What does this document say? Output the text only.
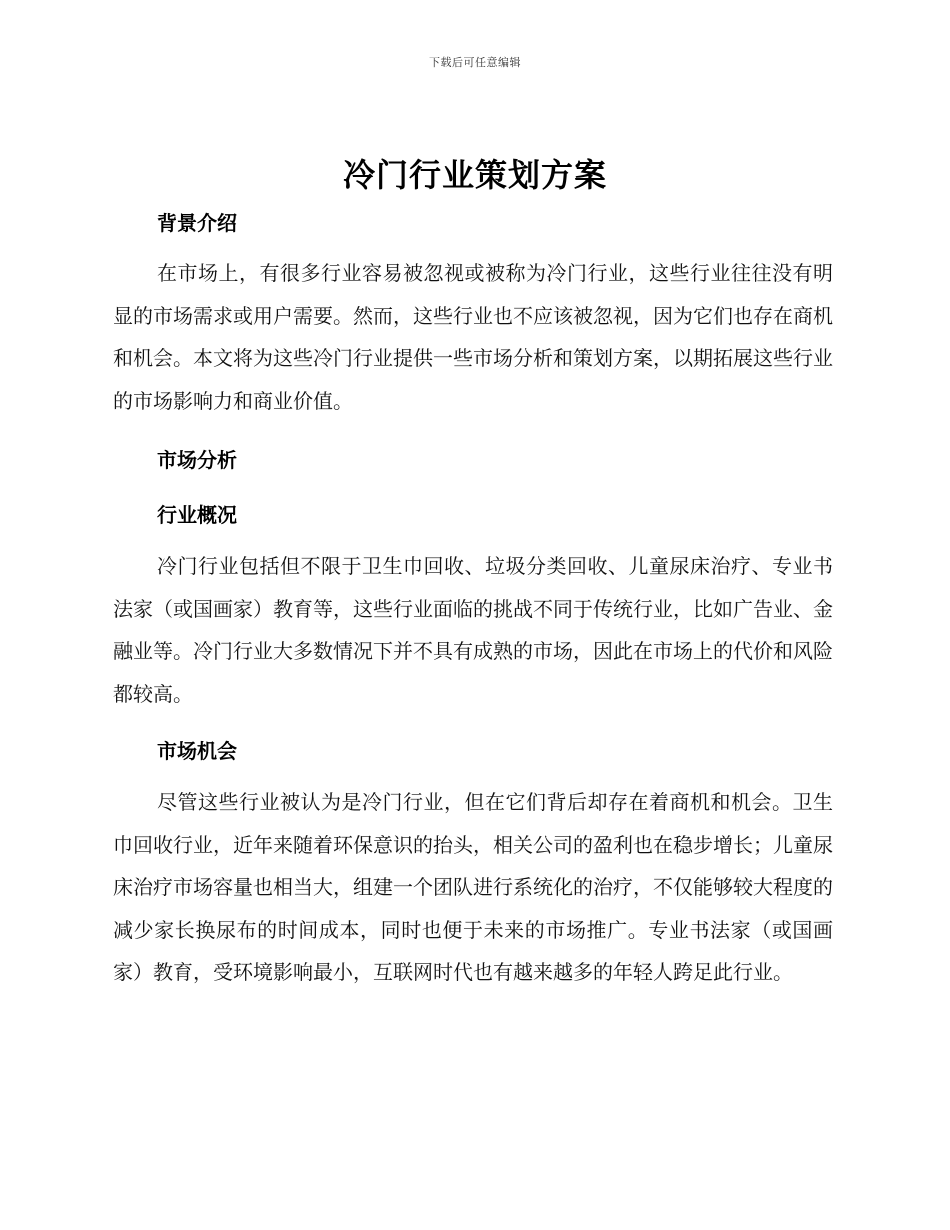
下载后可任意编辑
冷门行业策划方案
背景介绍

在市场上，有很多行业容易被忽视或被称为冷门行业，这些行业往往没有明显的市场需求或用户需要。然而，这些行业也不应该被忽视，因为它们也存在商机和机会。本文将为这些冷门行业提供一些市场分析和策划方案，以期拓展这些行业的市场影响力和商业价值。

市场分析
行业概况

冷门行业包括但不限于卫生巾回收、垃圾分类回收、儿童尿床治疗、专业书法家（或国画家）教育等，这些行业面临的挑战不同于传统行业，比如广告业、金融业等。冷门行业大多数情况下并不具有成熟的市场，因此在市场上的代价和风险都较高。

市场机会

尽管这些行业被认为是冷门行业，但在它们背后却存在着商机和机会。卫生巾回收行业，近年来随着环保意识的抬头，相关公司的盈利也在稳步增长；儿童尿床治疗市场容量也相当大，组建一个团队进行系统化的治疗，不仅能够较大程度的减少家长换尿布的时间成本，同时也便于未来的市场推广。专业书法家（或国画家）教育，受环境影响最小，互联网时代也有越来越多的年轻人跨足此行业。
